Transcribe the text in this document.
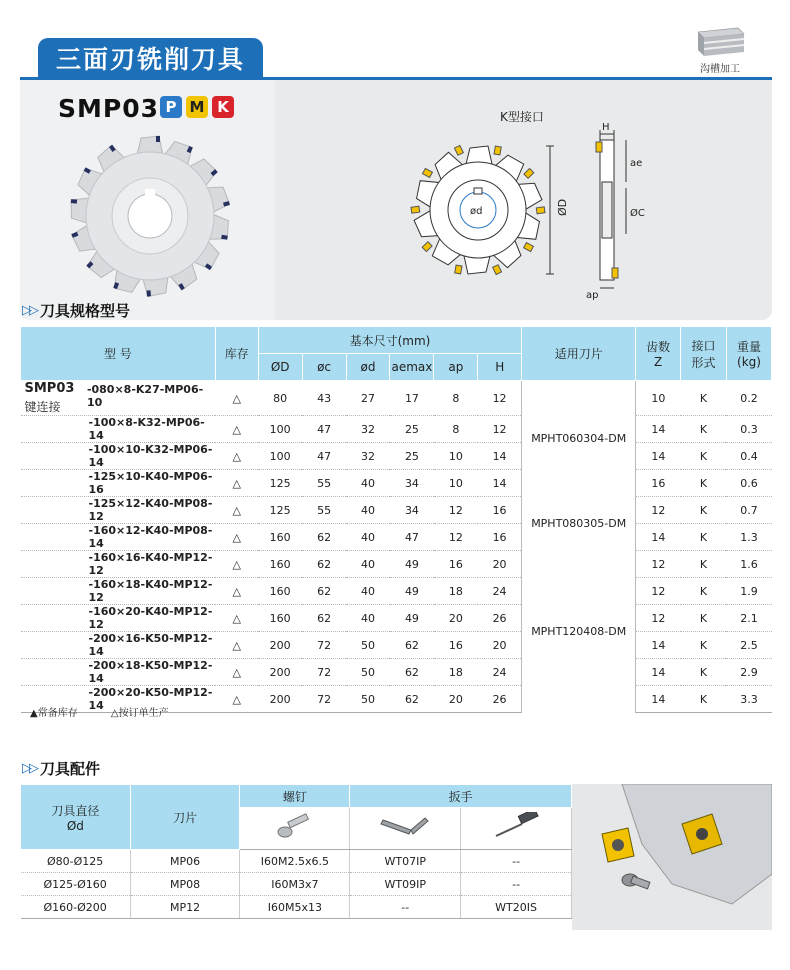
三面刃铣削刀具	沟槽加工
SMP03 P M K
K型接口
ød	ØD
H
ae
ØC
ap
▷▷ 刀具规格型号
型 号	库存	基本尺寸(mm)						适用刀片	齿数
Z	接口
形式	重量
(kg)
		ØD	øc	ød	aemax	ap	H				

SMP03
键连接
-080×8-K27-MP06-10	△	80	43	27	17	8	12	MPHT060304-DM	10	K	0.2

-100×8-K32-MP06-14	△	100	47	32	25	8	12		14	K	0.3

-100×10-K32-MP06-14	△	100	47	32	25	10	14		14	K	0.4

-125×10-K40-MP06-16	△	125	55	40	34	10	14		16	K	0.6

-125×12-K40-MP08-12	△	125	55	40	34	12	16	MPHT080305-DM	12	K	0.7

-160×12-K40-MP08-14	△	160	62	40	47	12	16		14	K	1.3

-160×16-K40-MP12-12	△	160	62	40	49	16	20	MPHT120408-DM	12	K	1.6

-160×18-K40-MP12-12	△	160	62	40	49	18	24		12	K	1.9

-160×20-K40-MP12-12	△	160	62	40	49	20	26		12	K	2.1

-200×16-K50-MP12-14	△	200	72	50	62	16	20		14	K	2.5

-200×18-K50-MP12-14	△	200	72	50	62	18	24		14	K	2.9

-200×20-K50-MP12-14	△	200	72	50	62	20	26		14	K	3.3
▲常备库存	△按订单生产
▷▷ 刀具配件
刀具直径
Ød	刀片	螺钉	扳手	

Ø80-Ø125	MP06	I60M2.5x6.5	WT07IP	--
Ø125-Ø160	MP08	I60M3x7	WT09IP	--
Ø160-Ø200	MP12	I60M5x13	--	WT20IS
